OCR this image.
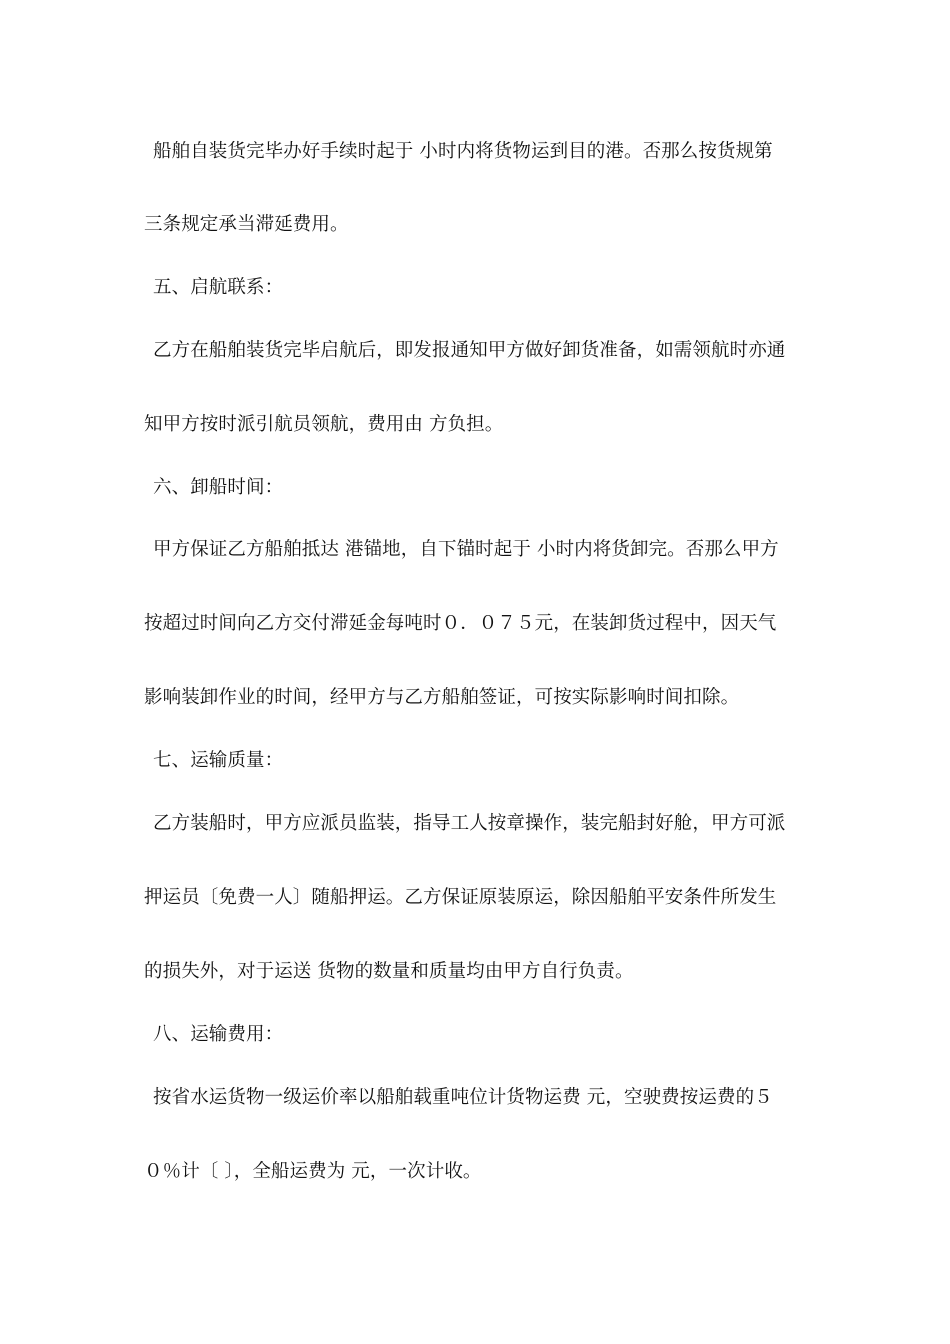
船舶自装货完毕办好手续时起于 小时内将货物运到目的港。否那么按货规第
三条规定承当滞延费用。
五、启航联系：
乙方在船舶装货完毕启航后，即发报通知甲方做好卸货准备，如需领航时亦通
知甲方按时派引航员领航，费用由 方负担。
六、卸船时间：
甲方保证乙方船舶抵达 港锚地，自下锚时起于 小时内将货卸完。否那么甲方
按超过时间向乙方交付滞延金每吨时０．０７５元，在装卸货过程中，因天气
影响装卸作业的时间，经甲方与乙方船舶签证，可按实际影响时间扣除。
七、运输质量：
乙方装船时，甲方应派员监装，指导工人按章操作，装完船封好舱，甲方可派
押运员〔免费一人〕随船押运。乙方保证原装原运，除因船舶平安条件所发生
的损失外，对于运送 货物的数量和质量均由甲方自行负责。
八、运输费用：
按省水运货物一级运价率以船舶载重吨位计货物运费 元，空驶费按运费的５
０％计〔 〕，全船运费为 元，一次计收。
